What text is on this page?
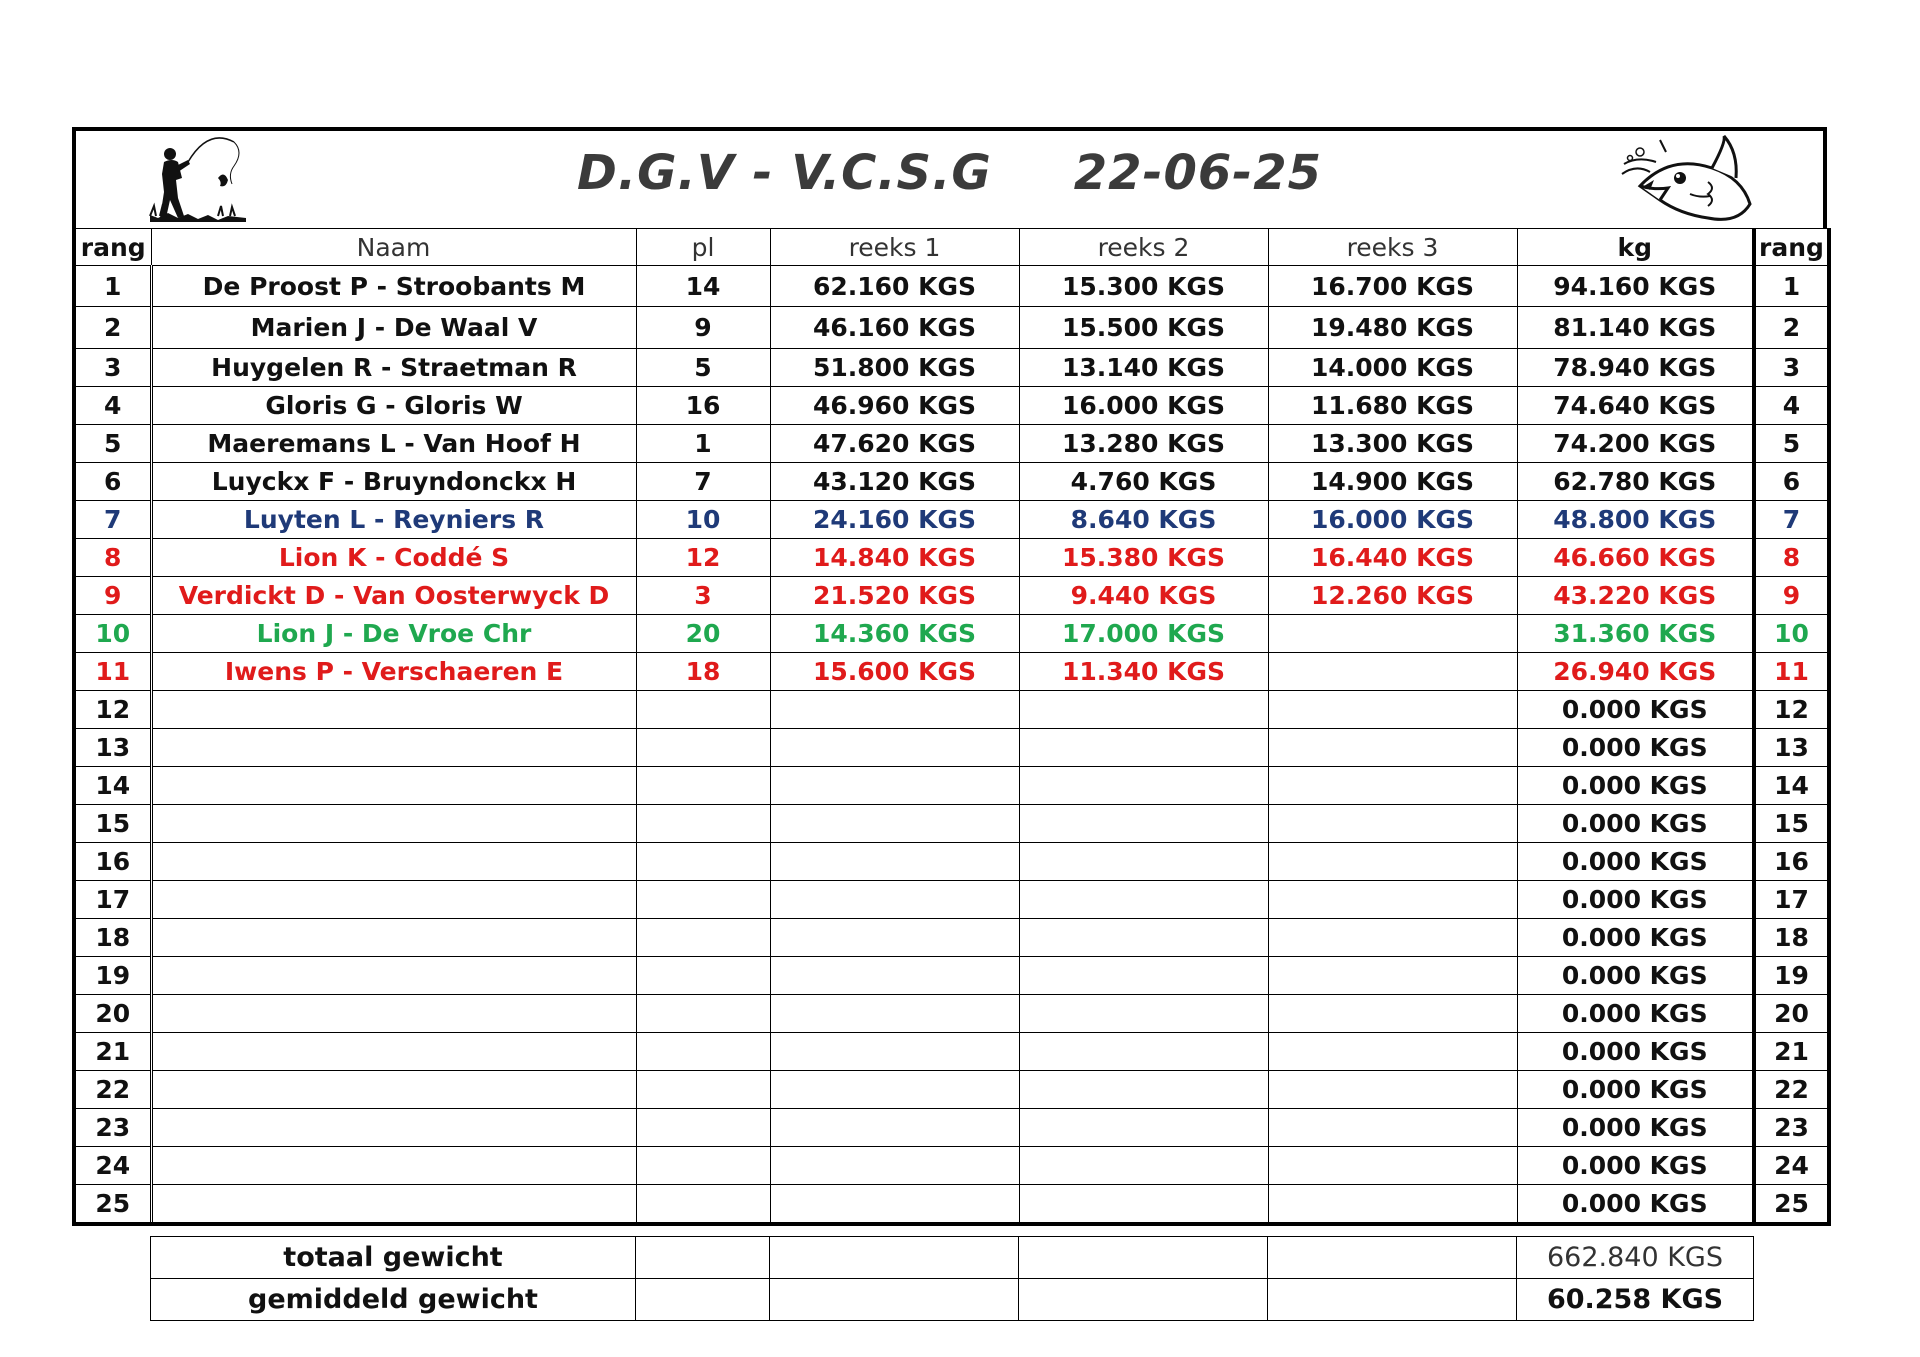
D.G.V - V.C.S.G 22-06-25
rang	Naam	pl	reeks 1	reeks 2	reeks 3	kg	rang
1	De Proost P - Stroobants M	14	62.160 KGS	15.300 KGS	16.700 KGS	94.160 KGS	1
2	Marien J - De Waal V	9	46.160 KGS	15.500 KGS	19.480 KGS	81.140 KGS	2
3	Huygelen R - Straetman R	5	51.800 KGS	13.140 KGS	14.000 KGS	78.940 KGS	3
4	Gloris G - Gloris W	16	46.960 KGS	16.000 KGS	11.680 KGS	74.640 KGS	4
5	Maeremans L - Van Hoof H	1	47.620 KGS	13.280 KGS	13.300 KGS	74.200 KGS	5
6	Luyckx F - Bruyndonckx H	7	43.120 KGS	4.760 KGS	14.900 KGS	62.780 KGS	6
7	Luyten L - Reyniers R	10	24.160 KGS	8.640 KGS	16.000 KGS	48.800 KGS	7
8	Lion K - Coddé S	12	14.840 KGS	15.380 KGS	16.440 KGS	46.660 KGS	8
9	Verdickt D - Van Oosterwyck D	3	21.520 KGS	9.440 KGS	12.260 KGS	43.220 KGS	9
10	Lion J - De Vroe Chr	20	14.360 KGS	17.000 KGS		31.360 KGS	10
11	Iwens P - Verschaeren E	18	15.600 KGS	11.340 KGS		26.940 KGS	11
12						0.000 KGS	12
13						0.000 KGS	13
14						0.000 KGS	14
15						0.000 KGS	15
16						0.000 KGS	16
17						0.000 KGS	17
18						0.000 KGS	18
19						0.000 KGS	19
20						0.000 KGS	20
21						0.000 KGS	21
22						0.000 KGS	22
23						0.000 KGS	23
24						0.000 KGS	24
25						0.000 KGS	25
totaal gewicht					662.840 KGS
gemiddeld gewicht					60.258 KGS
